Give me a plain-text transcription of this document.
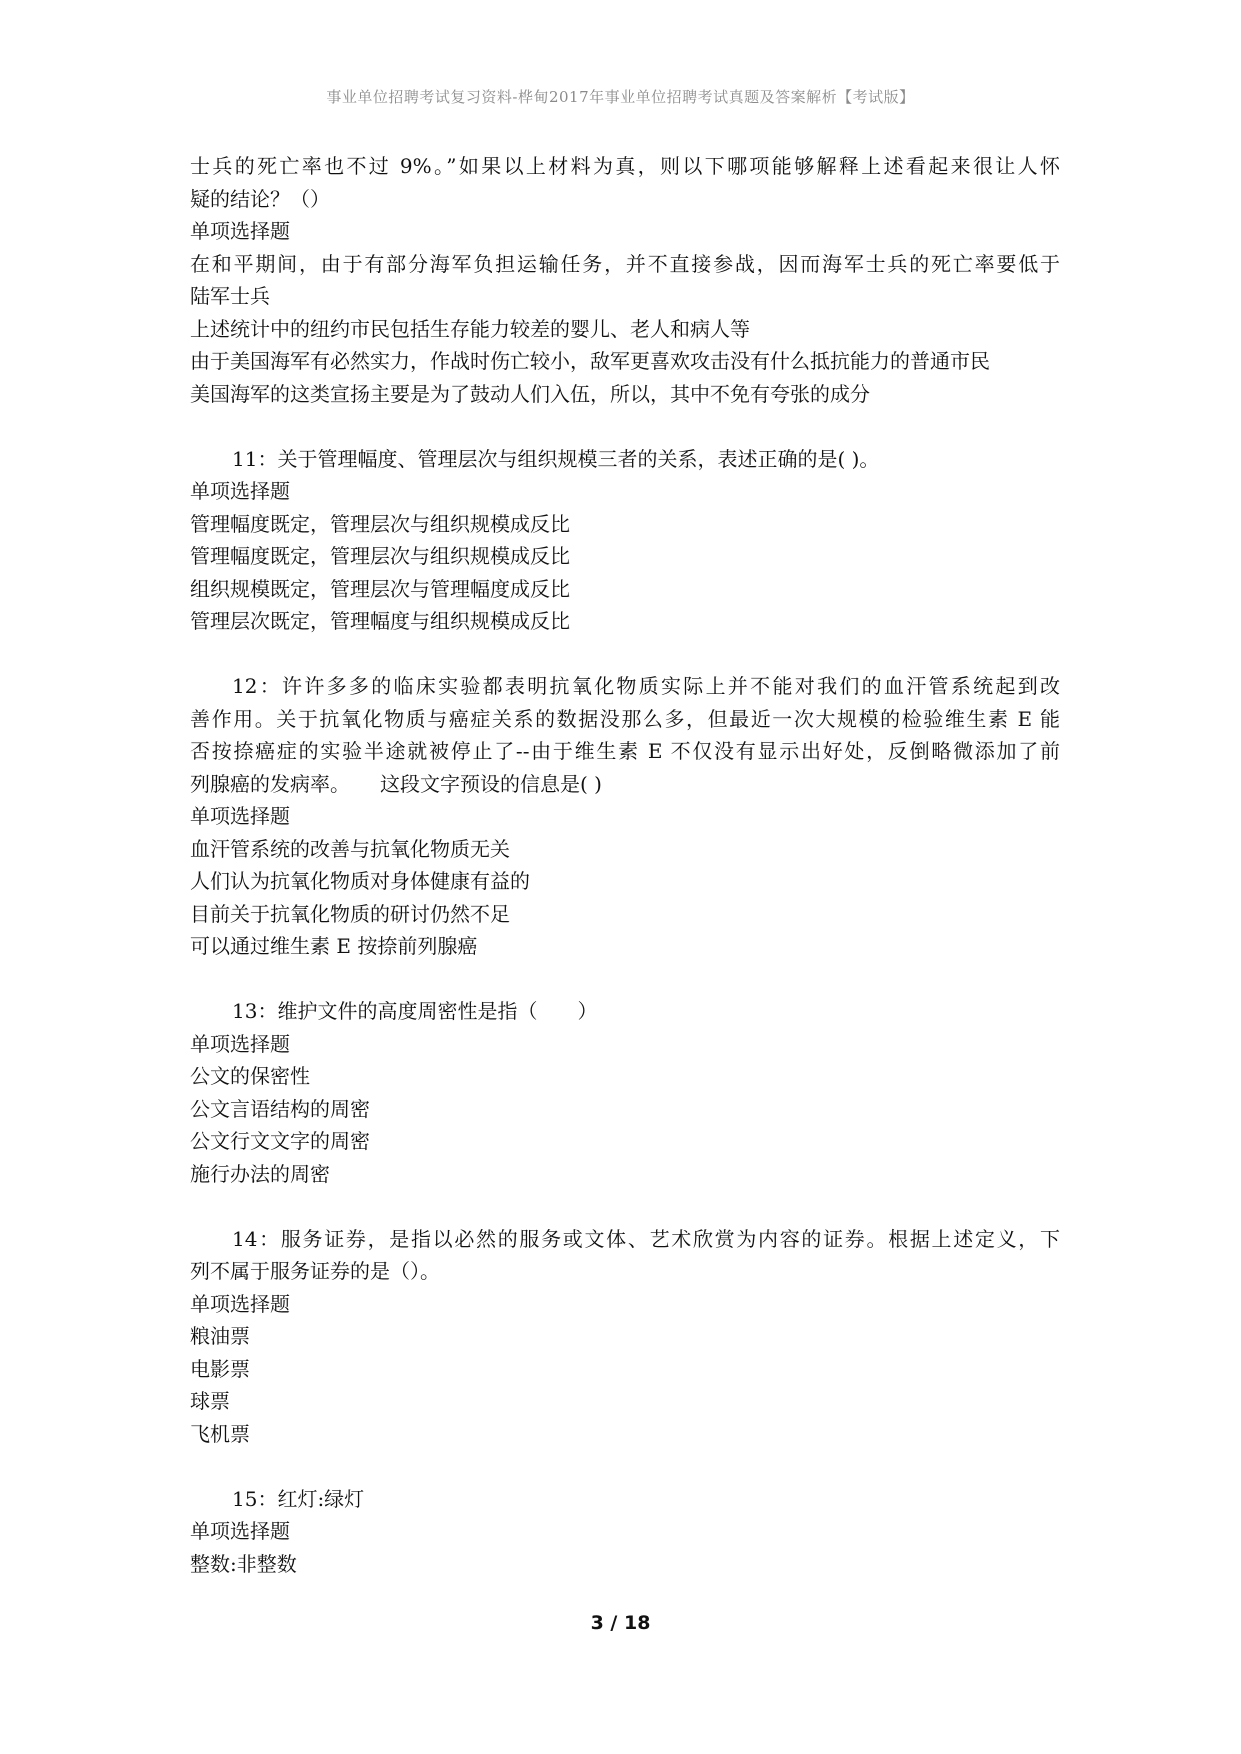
事业单位招聘考试复习资料-桦甸2017年事业单位招聘考试真题及答案解析【考试版】
士兵的死亡率也不过 9%。”如果以上材料为真，则以下哪项能够解释上述看起来很让人怀
疑的结论？（）
单项选择题
在和平期间，由于有部分海军负担运输任务，并不直接参战，因而海军士兵的死亡率要低于
陆军士兵
上述统计中的纽约市民包括生存能力较差的婴儿、老人和病人等
由于美国海军有必然实力，作战时伤亡较小，敌军更喜欢攻击没有什么抵抗能力的普通市民
美国海军的这类宣扬主要是为了鼓动人们入伍，所以，其中不免有夸张的成分
11：关于管理幅度、管理层次与组织规模三者的关系，表述正确的是( )。
单项选择题
管理幅度既定，管理层次与组织规模成反比
管理幅度既定，管理层次与组织规模成反比
组织规模既定，管理层次与管理幅度成反比
管理层次既定，管理幅度与组织规模成反比
12：许许多多的临床实验都表明抗氧化物质实际上并不能对我们的血汗管系统起到改
善作用。关于抗氧化物质与癌症关系的数据没那么多，但最近一次大规模的检验维生素 E 能
否按捺癌症的实验半途就被停止了--由于维生素 E 不仅没有显示出好处，反倒略微添加了前
列腺癌的发病率。　　这段文字预设的信息是( )
单项选择题
血汗管系统的改善与抗氧化物质无关
人们认为抗氧化物质对身体健康有益的
目前关于抗氧化物质的研讨仍然不足
可以通过维生素 E 按捺前列腺癌
13：维护文件的高度周密性是指（　　）
单项选择题
公文的保密性
公文言语结构的周密
公文行文文字的周密
施行办法的周密
14：服务证券，是指以必然的服务或文体、艺术欣赏为内容的证券。根据上述定义，下
列不属于服务证券的是（）。
单项选择题
粮油票
电影票
球票
飞机票
15：红灯:绿灯
单项选择题
整数:非整数
3 / 18
